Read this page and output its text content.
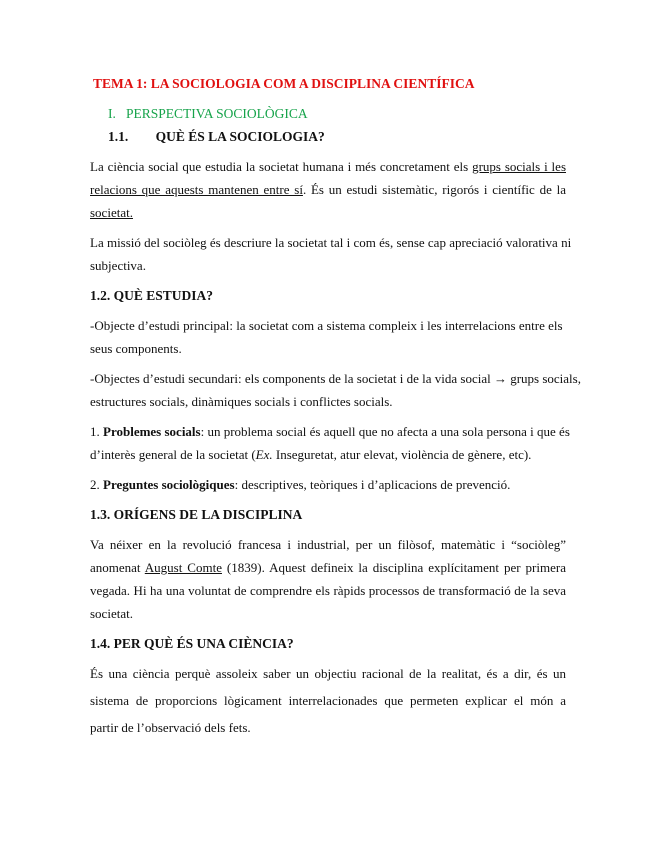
TEMA 1: LA SOCIOLOGIA COM A DISCIPLINA CIENTÍFICA
I.   PERSPECTIVA SOCIOLÒGICA
1.1. QUÈ ÉS LA SOCIOLOGIA?
La ciència social que estudia la societat humana i més concretament els grups socials i les
relacions que aquests mantenen entre sí. És un estudi sistemàtic, rigorós i científic de la
societat.
La missió del sociòleg és descriure la societat tal i com és, sense cap apreciació valorativa ni
subjectiva.
1.2. QUÈ ESTUDIA?
-Objecte d’estudi principal: la societat com a sistema compleix i les interrelacions entre els
seus components.
-Objectes d’estudi secundari: els components de la societat i de la vida social → grups socials,
estructures socials, dinàmiques socials i conflictes socials.
1. Problemes socials: un problema social és aquell que no afecta a una sola persona i que és
d’interès general de la societat (Ex. Inseguretat, atur elevat, violència de gènere, etc).
2. Preguntes sociològiques: descriptives, teòriques i d’aplicacions de prevenció.
1.3. ORÍGENS DE LA DISCIPLINA
Va néixer en la revolució francesa i industrial, per un filòsof, matemàtic i “sociòleg”
anomenat August Comte (1839). Aquest defineix la disciplina explícitament per primera
vegada. Hi ha una voluntat de comprendre els ràpids processos de transformació de la seva
societat.
1.4. PER QUÈ ÉS UNA CIÈNCIA?
És una ciència perquè assoleix saber un objectiu racional de la realitat, és a dir, és un
sistema de proporcions lògicament interrelacionades que permeten explicar el món a
partir de l’observació dels fets.
